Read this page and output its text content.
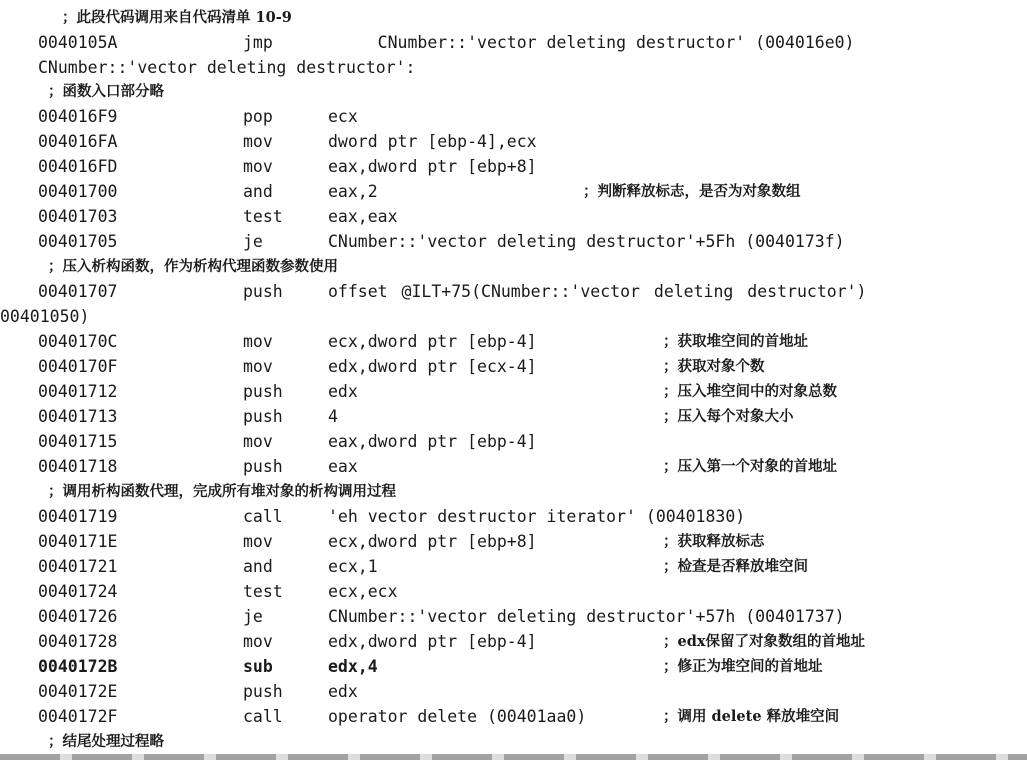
；此段代码调用来自代码清单 10-9
0040105A	jmp	CNumber::'vector deleting destructor' (004016e0)
CNumber::'vector deleting destructor':
；函数入口部分略
004016F9	pop	ecx
004016FA	mov	dword ptr [ebp-4],ecx
004016FD	mov	eax,dword ptr [ebp+8]
00401700	and	eax,2	；判断释放标志，是否为对象数组
00401703	test	eax,eax
00401705	je	CNumber::'vector deleting destructor'+5Fh (0040173f)
；压入析构函数，作为析构代理函数参数使用
00401707	push	offset @ILT+75(CNumber::'vector deleting destructor')
00401050)
0040170C	mov	ecx,dword ptr [ebp-4]	；获取堆空间的首地址
0040170F	mov	edx,dword ptr [ecx-4]	；获取对象个数
00401712	push	edx	；压入堆空间中的对象总数
00401713	push	4	；压入每个对象大小
00401715	mov	eax,dword ptr [ebp-4]
00401718	push	eax	；压入第一个对象的首地址
；调用析构函数代理，完成所有堆对象的析构调用过程
00401719	call	'eh vector destructor iterator' (00401830)
0040171E	mov	ecx,dword ptr [ebp+8]	；获取释放标志
00401721	and	ecx,1	；检查是否释放堆空间
00401724	test	ecx,ecx
00401726	je	CNumber::'vector deleting destructor'+57h (00401737)
00401728	mov	edx,dword ptr [ebp-4]	；edx保留了对象数组的首地址
0040172B	sub	edx,4	；修正为堆空间的首地址
0040172E	push	edx
0040172F	call	operator delete (00401aa0)	；调用 delete 释放堆空间
；结尾处理过程略
